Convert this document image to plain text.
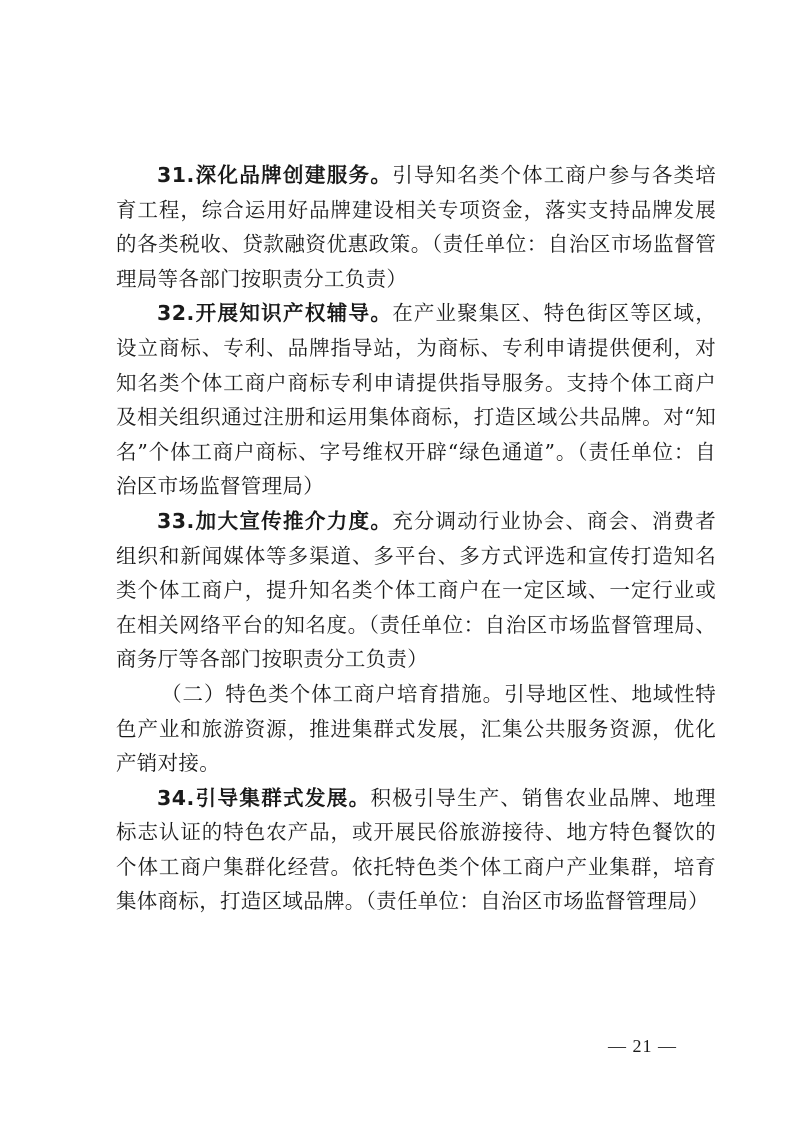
31.深化品牌创建服务。引导知名类个体工商户参与各类培育工程，综合运用好品牌建设相关专项资金，落实支持品牌发展的各类税收、贷款融资优惠政策。（责任单位：自治区市场监督管理局等各部门按职责分工负责）

32.开展知识产权辅导。在产业聚集区、特色街区等区域，设立商标、专利、品牌指导站，为商标、专利申请提供便利，对知名类个体工商户商标专利申请提供指导服务。支持个体工商户及相关组织通过注册和运用集体商标，打造区域公共品牌。对“知名”个体工商户商标、字号维权开辟“绿色通道”。（责任单位：自治区市场监督管理局）

33.加大宣传推介力度。充分调动行业协会、商会、消费者组织和新闻媒体等多渠道、多平台、多方式评选和宣传打造知名类个体工商户，提升知名类个体工商户在一定区域、一定行业或在相关网络平台的知名度。（责任单位：自治区市场监督管理局、商务厅等各部门按职责分工负责）

（二）特色类个体工商户培育措施。引导地区性、地域性特色产业和旅游资源，推进集群式发展，汇集公共服务资源，优化产销对接。

34.引导集群式发展。积极引导生产、销售农业品牌、地理标志认证的特色农产品，或开展民俗旅游接待、地方特色餐饮的个体工商户集群化经营。依托特色类个体工商户产业集群，培育集体商标，打造区域品牌。（责任单位：自治区市场监督管理局）

— 21 —
